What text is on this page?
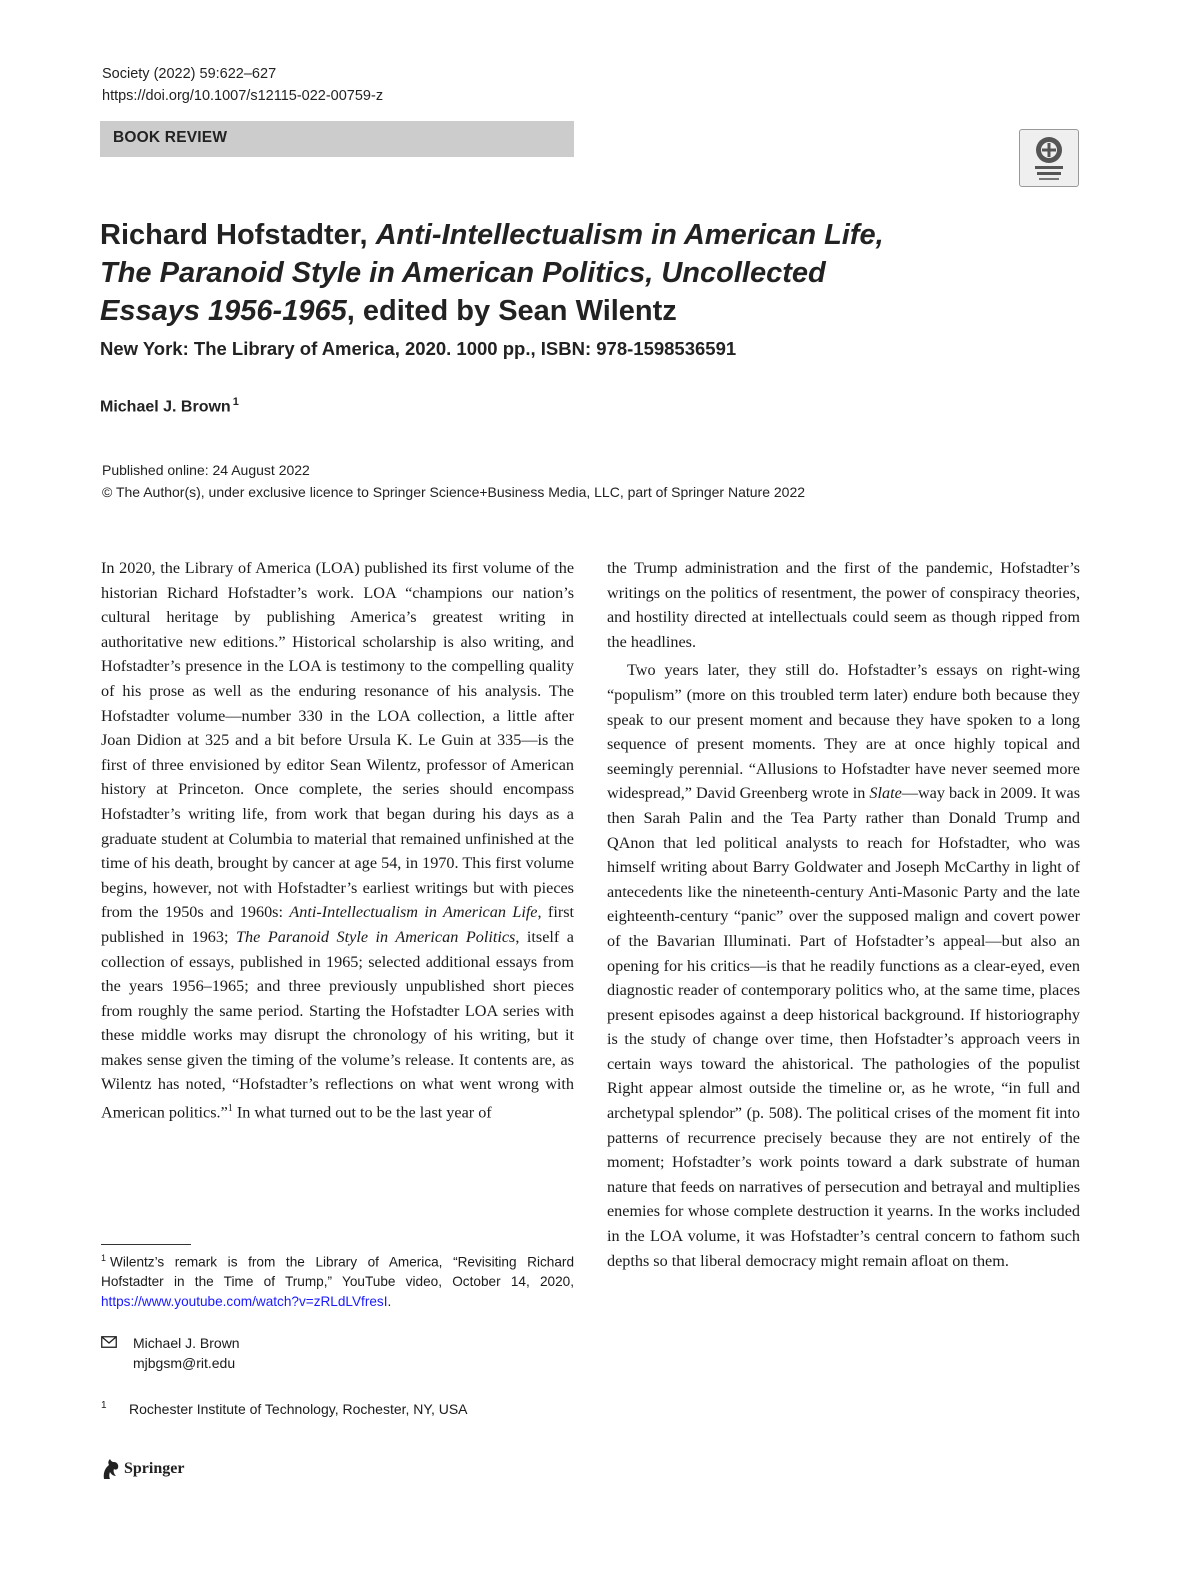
Society (2022) 59:622–627
https://doi.org/10.1007/s12115-022-00759-z
BOOK REVIEW
Richard Hofstadter, Anti-Intellectualism in American Life, The Paranoid Style in American Politics, Uncollected Essays 1956-1965, edited by Sean Wilentz
New York: The Library of America, 2020. 1000 pp., ISBN: 978-1598536591
Michael J. Brown $^1$
Published online: 24 August 2022
© The Author(s), under exclusive licence to Springer Science+Business Media, LLC, part of Springer Nature 2022

In 2020, the Library of America (LOA) published its first volume of the historian Richard Hofstadter’s work. LOA “champions our nation’s cultural heritage by publishing America’s greatest writing in authoritative new editions.” Historical scholarship is also writing, and Hofstadter’s presence in the LOA is testimony to the compelling quality of his prose as well as the enduring resonance of his analysis. The Hofstadter volume—number 330 in the LOA collection, a little after Joan Didion at 325 and a bit before Ursula K. Le Guin at 335—is the first of three envisioned by editor Sean Wilentz, professor of American history at Princeton. Once complete, the series should encompass Hofstadter’s writing life, from work that began during his days as a graduate student at Columbia to material that remained unfinished at the time of his death, brought by cancer at age 54, in 1970. This first volume begins, however, not with Hofstadter’s earliest writings but with pieces from the 1950s and 1960s: Anti-Intellectualism in American Life, first published in 1963; The Paranoid Style in American Politics, itself a collection of essays, published in 1965; selected additional essays from the years 1956–1965; and three previously unpublished short pieces from roughly the same period. Starting the Hofstadter LOA series with these middle works may disrupt the chronology of his writing, but it makes sense given the timing of the volume’s release. It contents are, as Wilentz has noted, “Hofstadter’s reflections on what went wrong with American politics.”$^1$ In what turned out to be the last year of

the Trump administration and the first of the pandemic, Hofstadter’s writings on the politics of resentment, the power of conspiracy theories, and hostility directed at intellectuals could seem as though ripped from the headlines.

Two years later, they still do. Hofstadter’s essays on right-wing “populism” (more on this troubled term later) endure both because they speak to our present moment and because they have spoken to a long sequence of present moments. They are at once highly topical and seemingly perennial. “Allusions to Hofstadter have never seemed more widespread,” David Greenberg wrote in Slate—way back in 2009. It was then Sarah Palin and the Tea Party rather than Donald Trump and QAnon that led political analysts to reach for Hofstadter, who was himself writing about Barry Goldwater and Joseph McCarthy in light of antecedents like the nineteenth-century Anti-Masonic Party and the late eighteenth-century “panic” over the supposed malign and covert power of the Bavarian Illuminati. Part of Hofstadter’s appeal—but also an opening for his critics—is that he readily functions as a clear-eyed, even diagnostic reader of contemporary politics who, at the same time, places present episodes against a deep historical background. If historiography is the study of change over time, then Hofstadter’s approach veers in certain ways toward the ahistorical. The pathologies of the populist Right appear almost outside the timeline or, as he wrote, “in full and archetypal splendor” (p. 508). The political crises of the moment fit into patterns of recurrence precisely because they are not entirely of the moment; Hofstadter’s work points toward a dark substrate of human nature that feeds on narratives of persecution and betrayal and multiplies enemies for whose complete destruction it yearns. In the works included in the LOA volume, it was Hofstadter’s central concern to fathom such depths so that liberal democracy might remain afloat on them.

$^1$ Wilentz’s remark is from the Library of America, “Revisiting Richard Hofstadter in the Time of Trump,” YouTube video, October 14, 2020, https://www.youtube.com/watch?v=zRLdLVfresI.
Michael J. Brown
mjbgsm@rit.edu
1 Rochester Institute of Technology, Rochester, NY, USA
Springer
